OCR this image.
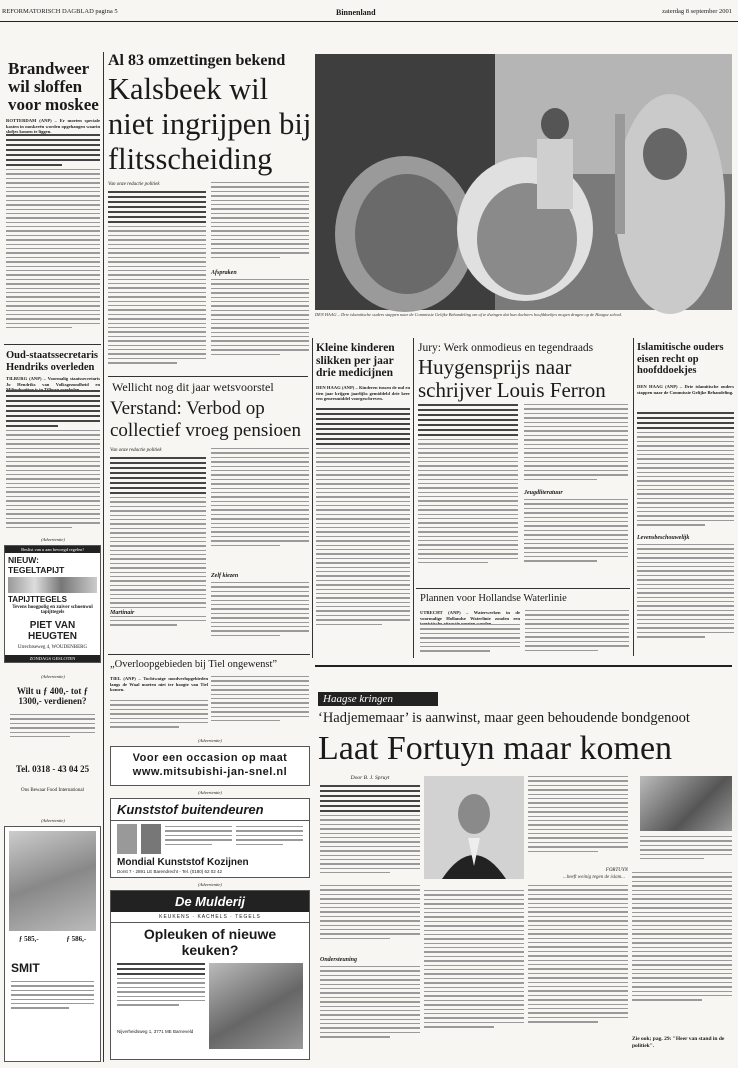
REFORMATORISCH DAGBLAD pagina 5	Binnenland	zaterdag 8 september 2001
Brandweer wil sloffen voor moskee
ROTTERDAM (ANP) – Er moeten speciale kasten in moskeeën worden opgehangen waarin slofjes komen te liggen.
Oud-staatssecretaris Hendriks overleden
TILBURG (ANP) – Voormalig staatssecretaris Jo Hendriks van Volksgezondheid en
(Advertentie)
Beslist van u aan bevoegd regelen!
NIEUW: TEGELTAPIJT
TAPIJTTEGELS
Tevens hoogpolig en zuiver schoenwol tapijttegels
PIET VAN HEUGTEN
Utrechtseweg 4, WOUDENBERG
ZONDAGS GESLOTEN
(Advertentie)
Wilt u ƒ 400,- tot ƒ 1300,- verdienen?
Tel. 0318 - 43 04 25
Ons Bewaar Food International
(Advertentie)
ƒ 585,-	ƒ 586,-
SMIT
Al 83 omzettingen bekend
Kalsbeek wil niet ingrijpen bij flitsscheiding
Van onze redactie politiek
Afspraken
DEN HAAG – Drie islamitische ouders stappen naar de Commissie Gelijke Behandeling om af te dwingen dat hun dochters hoofddoekjes mogen dragen op de Haagse school.
Wellicht nog dit jaar wetsvoorstel
Verstand: Verbod op collectief vroeg pensioen
Van onze redactie politiek
Martinair
Zelf kiezen
Kleine kinderen slikken per jaar drie medicijnen
DEN HAAG (ANP) – Kinderen tussen de nul en tien jaar krijgen jaarlijks gemiddeld drie keer een geneesmiddel voorgeschreven.
Jury: Werk onmodieus en tegendraads
Huygensprijs naar schrijver Louis Ferron
Jeugdliteratuur
Plannen voor Hollandse Waterlinie
UTRECHT (ANP) – Waterwerken in de voormalige Hollandse Waterlinie zouden een
Islamitische ouders eisen recht op hoofddoekjes
DEN HAAG (ANP) – Drie islamitische ouders stappen naar de Commissie Gelijke Behandeling.
Levensbeschouwelijk
„Overloopgebieden bij Tiel ongewenst”
TIEL (ANP) – Tochtwatge noodverlopgebieden langs de Waal moeten niet ter hoogte van Tiel komen.
(Advertentie)
Voor een occasion op maat
www.mitsubishi-jan-snel.nl
(Advertentie)
Kunststof buitendeuren
Mondial Kunststof Kozijnen
Dorst 7 - 2891 LE Barendrecht - Tel. (0180) 62 02 42
(Advertentie)
De Mulderij
KEUKENS · KACHELS · TEGELS
Opleuken of nieuwe keuken?
Nijverheidsweg 1, 3771 ME Barneveld
Haagse kringen
‘Hadjememaar’ is aanwinst, maar geen behoudende bondgenoot
Laat Fortuyn maar komen
Door B. J. Spruyt
FORTUYN
...heeft weinig tegen de islam...
Ondersteuning
Zie ook; pag. 29: "Heer van stand in de politiek".
